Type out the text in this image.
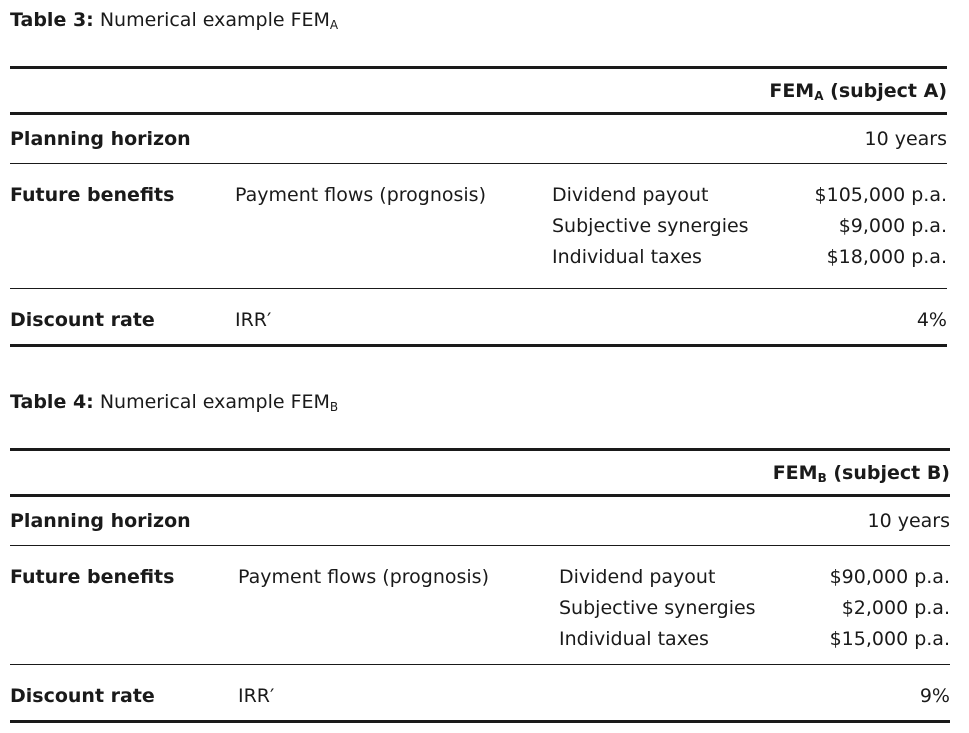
Table 3: Numerical example $FEM_A$
$FEM_A$ (subject A)
Planning horizon	10 years
Future benefits	Payment flows (prognosis)	Dividend payout	$105,000 p.a.
Subjective synergies	$9,000 p.a.
Individual taxes	$18,000 p.a.
Discount rate	IRR′	4%
Table 4: Numerical example $FEM_B$
$FEM_B$ (subject B)
Planning horizon	10 years
Future benefits	Payment flows (prognosis)	Dividend payout	$90,000 p.a.
Subjective synergies	$2,000 p.a.
Individual taxes	$15,000 p.a.
Discount rate	IRR′	9%
